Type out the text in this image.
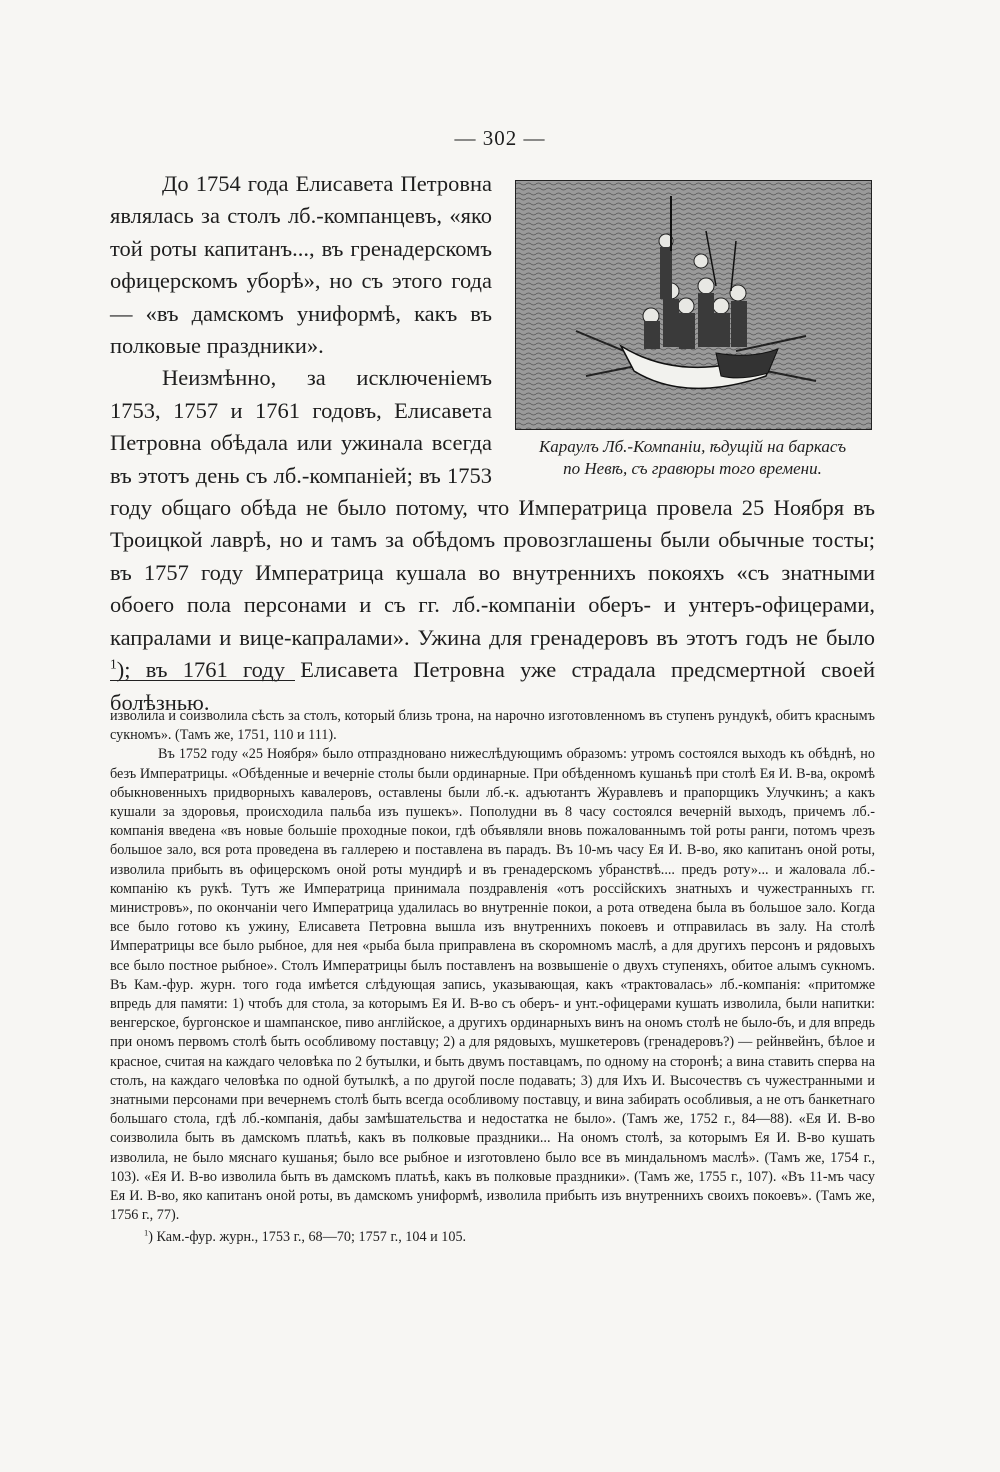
— 302 —
Караулъ Лб.-Компаніи, ѣдущій на баркасъ
по Невѣ, съ гравюры того времени.

До 1754 года Елисавета Петровна являлась за столъ лб.-компанцевъ, «яко той роты капитанъ..., въ гренадерскомъ офицерскомъ уборѣ», но съ этого года — «въ дамскомъ униформѣ, какъ въ полковые праздники».

Неизмѣнно, за исключеніемъ 1753, 1757 и 1761 годовъ, Елисавета Петровна обѣдала или ужинала всегда въ этотъ день съ лб.-компаніей; въ 1753 году общаго обѣда не было потому, что Императрица провела 25 Ноября въ Троицкой лаврѣ, но и тамъ за обѣдомъ провозглашены были обычные тосты; въ 1757 году Императрица кушала во внутреннихъ покояхъ «съ знатными обоего пола персонами и съ гг. лб.-компаніи оберъ- и унтеръ-офицерами, капралами и вице-капралами». Ужина для гренадеровъ въ этотъ годъ не было $^1$); въ 1761 году Елисавета Петровна уже страдала предсмертной своей болѣзнью.

изволила и соизволила сѣсть за столъ, который близь трона, на нарочно изготовленномъ въ ступенъ рундукѣ, обитъ краснымъ сукномъ». (Тамъ же, 1751, 110 и 111).

Въ 1752 году «25 Ноября» было отпраздновано нижеслѣдующимъ образомъ: утромъ состоялся выходъ къ обѣднѣ, но безъ Императрицы. «Обѣденные и вечерніе столы были ординарные. При обѣденномъ кушаньѣ при столѣ Ея И. В-ва, окромѣ обыкновенныхъ придворныхъ кавалеровъ, оставлены были лб.-к. адъютантъ Журавлевъ и прапорщикъ Улучкинъ; а какъ кушали за здоровья, происходила пальба изъ пушекъ». Пополудни въ 8 часу состоялся вечерній выходъ, причемъ лб.-компанія введена «въ новые большіе проходные покои, гдѣ объявляли вновь пожалованнымъ той роты ранги, потомъ чрезъ большое зало, вся рота проведена въ галлерею и поставлена въ парадъ. Въ 10-мъ часу Ея И. В-во, яко капитанъ оной роты, изволила прибыть въ офицерскомъ оной роты мундирѣ и въ гренадерскомъ убранствѣ.... предъ роту»... и жаловала лб.-компанію къ рукѣ. Тутъ же Императрица принимала поздравленія «отъ россійскихъ знатныхъ и чужестранныхъ гг. министровъ», по окончаніи чего Императрица удалилась во внутренніе покои, а рота отведена была въ большое зало. Когда все было готово къ ужину, Елисавета Петровна вышла изъ внутреннихъ покоевъ и отправилась въ залу. На столѣ Императрицы все было рыбное, для нея «рыба была приправлена въ скоромномъ маслѣ, а для другихъ персонъ и рядовыхъ все было постное рыбное». Столъ Императрицы былъ поставленъ на возвышеніе о двухъ ступеняхъ, обитое алымъ сукномъ. Въ Кам.-фур. журн. того года имѣется слѣдующая запись, указывающая, какъ «трактовалась» лб.-компанія: «притомже впредь для памяти: 1) чтобъ для стола, за которымъ Ея И. В-во съ оберъ- и унт.-офицерами кушать изволила, были напитки: венгерское, бургонское и шампанское, пиво англійское, а другихъ ординарныхъ винъ на ономъ столѣ не было-бъ, и для впредь при ономъ первомъ столѣ быть особливому поставцу; 2) а для рядовыхъ, мушкетеровъ (гренадеровъ?) — рейнвейнъ, бѣлое и красное, считая на каждаго человѣка по 2 бутылки, и быть двумъ поставцамъ, по одному на сторонѣ; а вина ставить сперва на столъ, на каждаго человѣка по одной бутылкѣ, а по другой после подавать; 3) для Ихъ И. Высочествъ съ чужестранными и знатными персонами при вечернемъ столѣ быть всегда особливому поставцу, и вина забирать особливыя, а не отъ банкетнаго большаго стола, гдѣ лб.-компанія, дабы замѣшательства и недостатка не было». (Тамъ же, 1752 г., 84—88). «Ея И. В-во соизволила быть въ дамскомъ платьѣ, какъ въ полковые праздники... На ономъ столѣ, за которымъ Ея И. В-во кушать изволила, не было мяснаго кушанья; было все рыбное и изготовлено было все въ миндальномъ маслѣ». (Тамъ же, 1754 г., 103). «Ея И. В-во изволила быть въ дамскомъ платьѣ, какъ въ полковые праздники». (Тамъ же, 1755 г., 107). «Въ 11-мъ часу Ея И. В-во, яко капитанъ оной роты, въ дамскомъ униформѣ, изволила прибыть изъ внутреннихъ своихъ покоевъ». (Тамъ же, 1756 г., 77).

$^1$) Кам.-фур. журн., 1753 г., 68—70; 1757 г., 104 и 105.
